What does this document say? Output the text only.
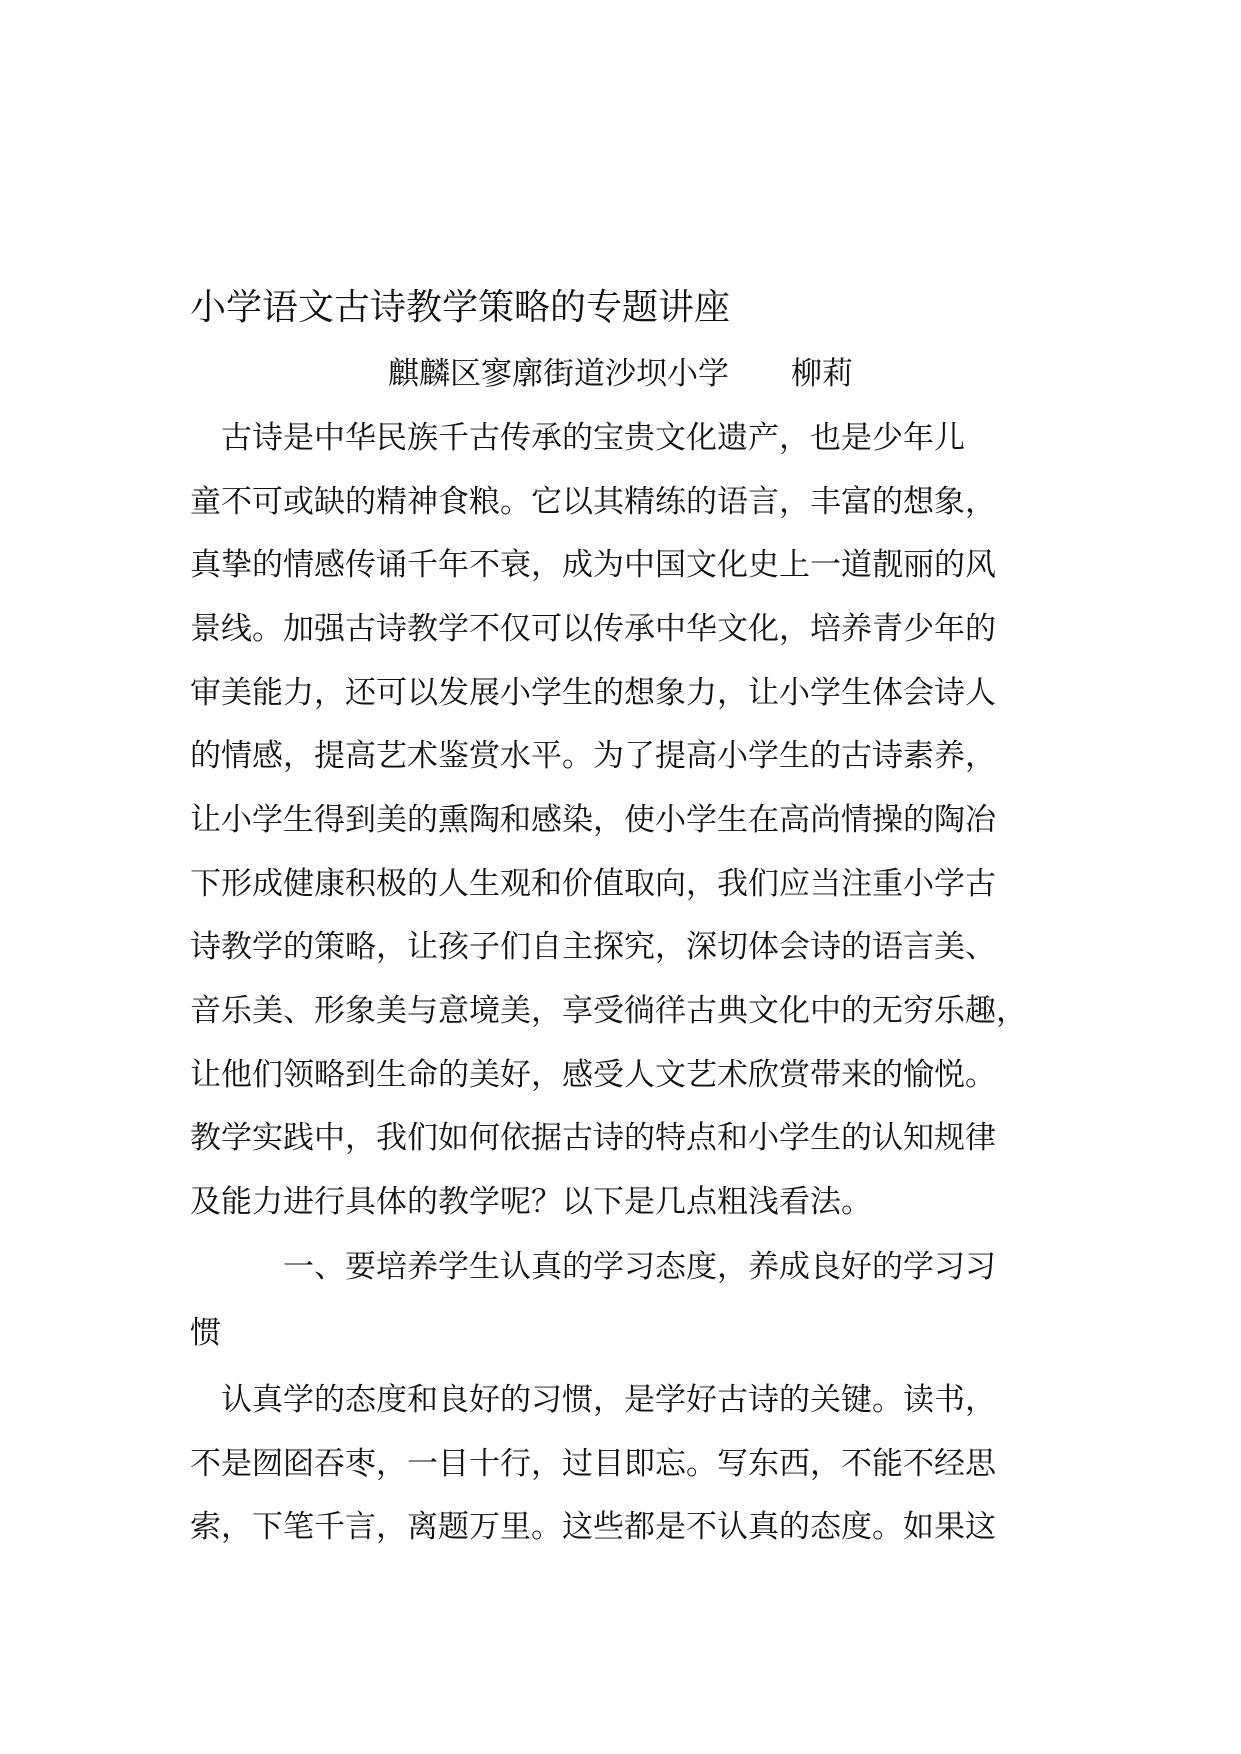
小学语文古诗教学策略的专题讲座
麒麟区寥廓街道沙坝小学　　柳莉
　古诗是中华民族千古传承的宝贵文化遗产，也是少年儿
童不可或缺的精神食粮。它以其精练的语言，丰富的想象，
真挚的情感传诵千年不衰，成为中国文化史上一道靓丽的风
景线。加强古诗教学不仅可以传承中华文化，培养青少年的
审美能力，还可以发展小学生的想象力，让小学生体会诗人
的情感，提高艺术鉴赏水平。为了提高小学生的古诗素养，
让小学生得到美的熏陶和感染，使小学生在高尚情操的陶冶
下形成健康积极的人生观和价值取向，我们应当注重小学古
诗教学的策略，让孩子们自主探究，深切体会诗的语言美、
音乐美、形象美与意境美，享受徜徉古典文化中的无穷乐趣，
让他们领略到生命的美好，感受人文艺术欣赏带来的愉悦。
教学实践中，我们如何依据古诗的特点和小学生的认知规律
及能力进行具体的教学呢？以下是几点粗浅看法。
　　　一、要培养学生认真的学习态度，养成良好的学习习
惯
　认真学的态度和良好的习惯，是学好古诗的关键。读书，
不是囫囵吞枣，一目十行，过目即忘。写东西，不能不经思
索，下笔千言，离题万里。这些都是不认真的态度。如果这
